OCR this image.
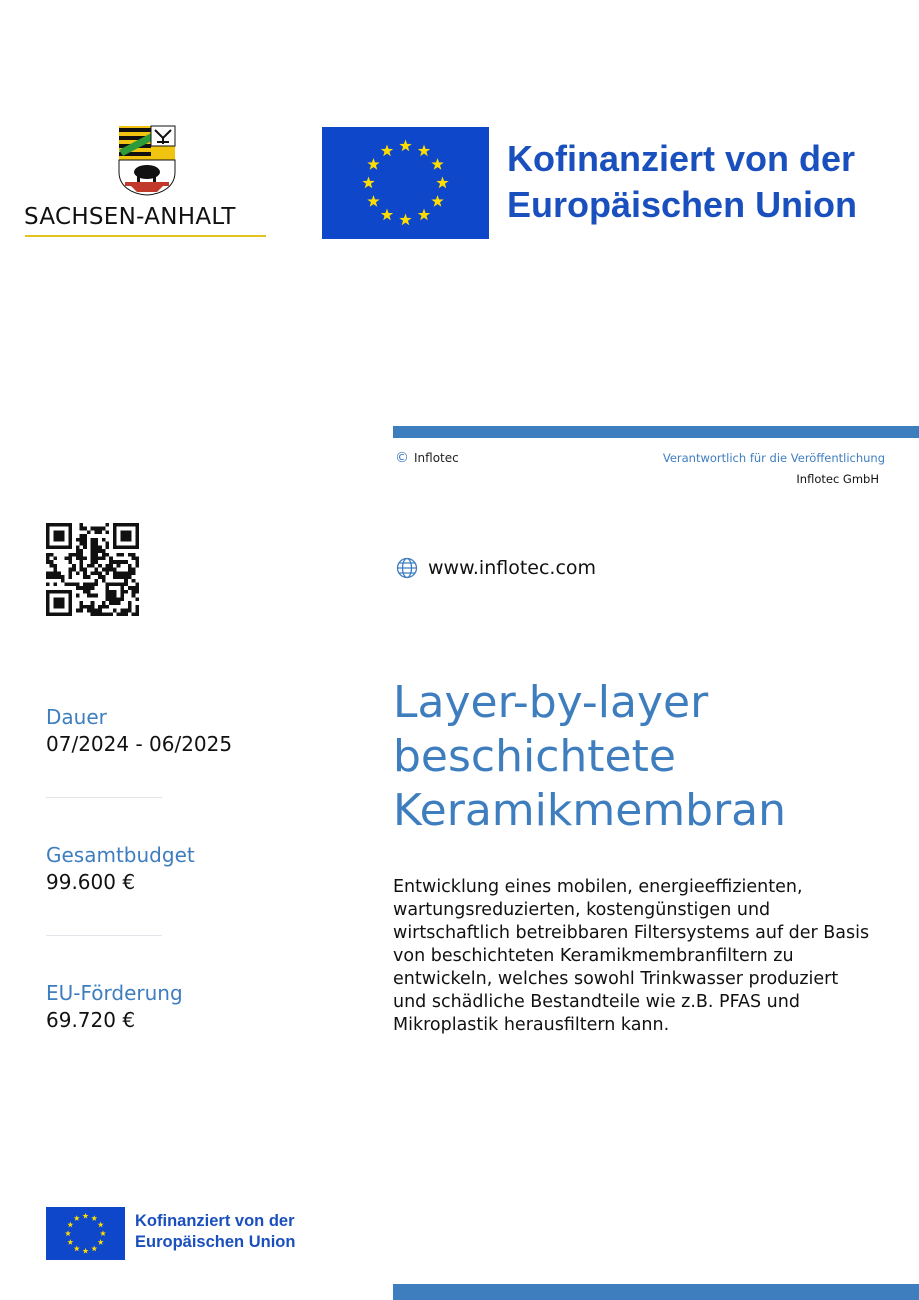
SACHSEN-ANHALT
Kofinanziert von der
Europäischen Union
© Inflotec	Verantwortlich für die Veröffentlichung
Inflotec GmbH
www.inflotec.com
Dauer
07/2024 - 06/2025
Gesamtbudget
99.600 €
EU-Förderung
69.720 €
Layer-by-layer
beschichtete
Keramikmembran
Entwicklung eines mobilen, energieeffizienten, wartungsreduzierten, kostengünstigen und wirtschaftlich betreibbaren Filtersystems auf der Basis von beschichteten Keramikmembranfiltern zu entwickeln, welches sowohl Trinkwasser produziert und schädliche Bestandteile wie z.B. PFAS und Mikroplastik herausfiltern kann.
Kofinanziert von der
Europäischen Union
